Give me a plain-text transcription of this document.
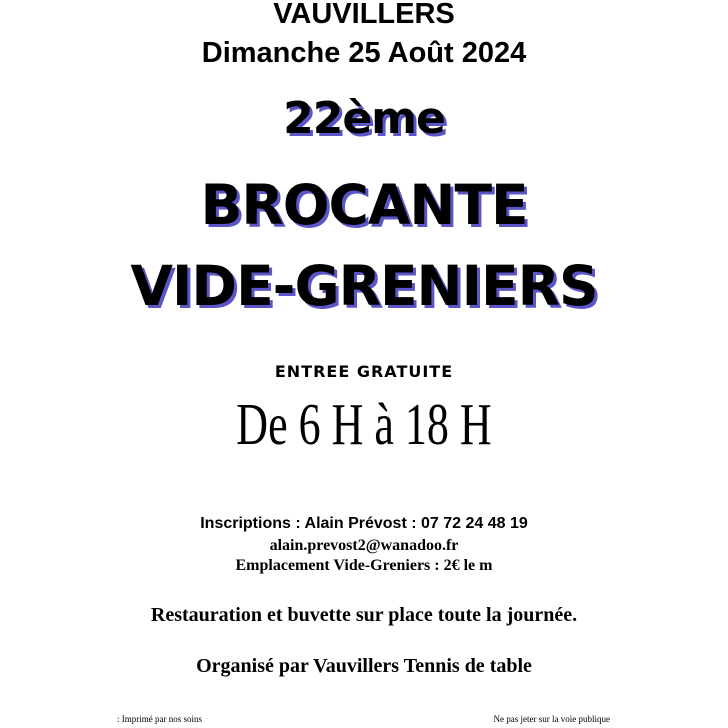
VAUVILLERS
Dimanche 25 Août 2024
22ème
BROCANTE
VIDE-GRENIERS
ENTREE GRATUITE
De 6 H à 18 H
Inscriptions : Alain Prévost : 07 72 24 48 19
alain.prevost2@wanadoo.fr
Emplacement Vide-Greniers : 2€ le m
Restauration et buvette sur place toute la journée.
Organisé par Vauvillers Tennis de table
: Imprimé par nos soins	Ne pas jeter sur la voie publique
